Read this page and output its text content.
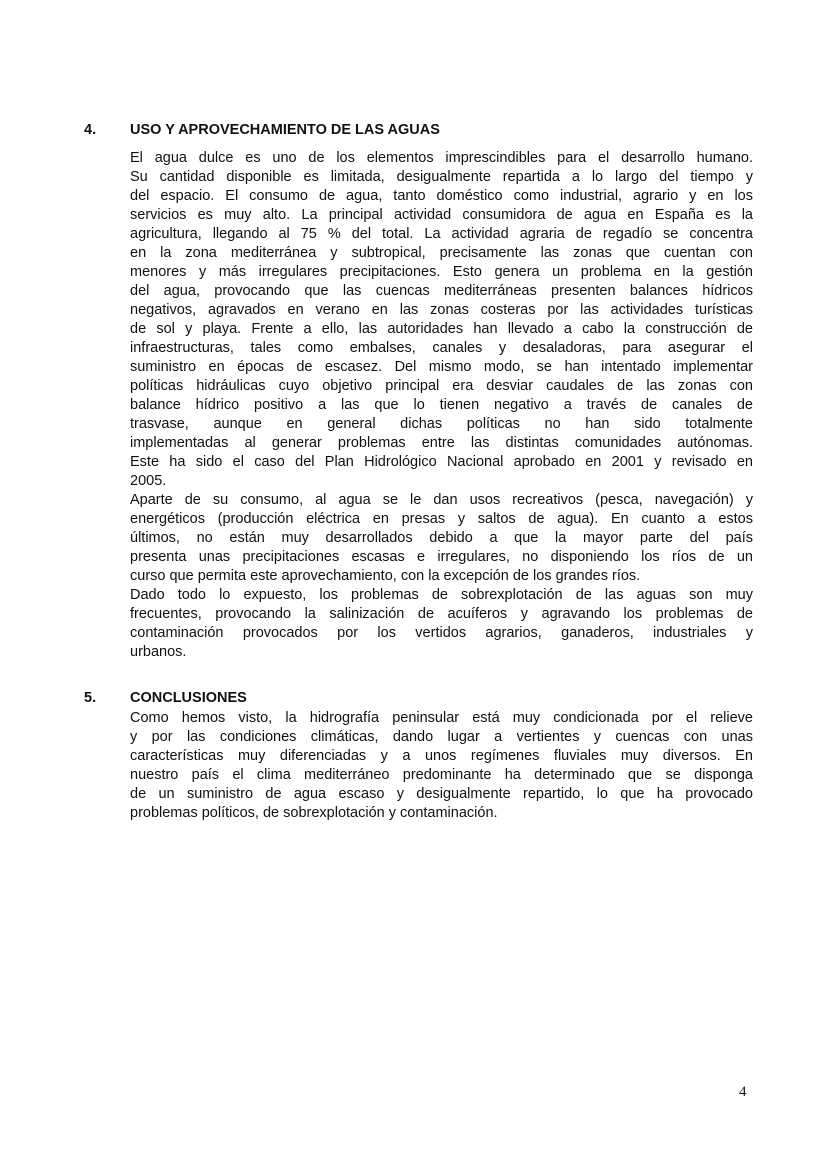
4. USO Y APROVECHAMIENTO DE LAS AGUAS
El agua dulce es uno de los elementos imprescindibles para el desarrollo humano.
Su cantidad disponible es limitada, desigualmente repartida a lo largo del tiempo y
del espacio. El consumo de agua, tanto doméstico como industrial, agrario y en los
servicios es muy alto. La principal actividad consumidora de agua en España es la
agricultura, llegando al 75 % del total. La actividad agraria de regadío se concentra
en la zona mediterránea y subtropical, precisamente las zonas que cuentan con
menores y más irregulares precipitaciones. Esto genera un problema en la gestión
del agua, provocando que las cuencas mediterráneas presenten balances hídricos
negativos, agravados en verano en las zonas costeras por las actividades turísticas
de sol y playa. Frente a ello, las autoridades han llevado a cabo la construcción de
infraestructuras, tales como embalses, canales y desaladoras, para asegurar el
suministro en épocas de escasez. Del mismo modo, se han intentado implementar
políticas hidráulicas cuyo objetivo principal era desviar caudales de las zonas con
balance hídrico positivo a las que lo tienen negativo a través de canales de
trasvase, aunque en general dichas políticas no han sido totalmente
implementadas al generar problemas entre las distintas comunidades autónomas.
Este ha sido el caso del Plan Hidrológico Nacional aprobado en 2001 y revisado en
2005.
Aparte de su consumo, al agua se le dan usos recreativos (pesca, navegación) y
energéticos (producción eléctrica en presas y saltos de agua). En cuanto a estos
últimos, no están muy desarrollados debido a que la mayor parte del país
presenta unas precipitaciones escasas e irregulares, no disponiendo los ríos de un
curso que permita este aprovechamiento, con la excepción de los grandes ríos.
Dado todo lo expuesto, los problemas de sobrexplotación de las aguas son muy
frecuentes, provocando la salinización de acuíferos y agravando los problemas de
contaminación provocados por los vertidos agrarios, ganaderos, industriales y
urbanos.
5. CONCLUSIONES
Como hemos visto, la hidrografía peninsular está muy condicionada por el relieve
y por las condiciones climáticas, dando lugar a vertientes y cuencas con unas
características muy diferenciadas y a unos regímenes fluviales muy diversos. En
nuestro país el clima mediterráneo predominante ha determinado que se disponga
de un suministro de agua escaso y desigualmente repartido, lo que ha provocado
problemas políticos, de sobrexplotación y contaminación.
4
